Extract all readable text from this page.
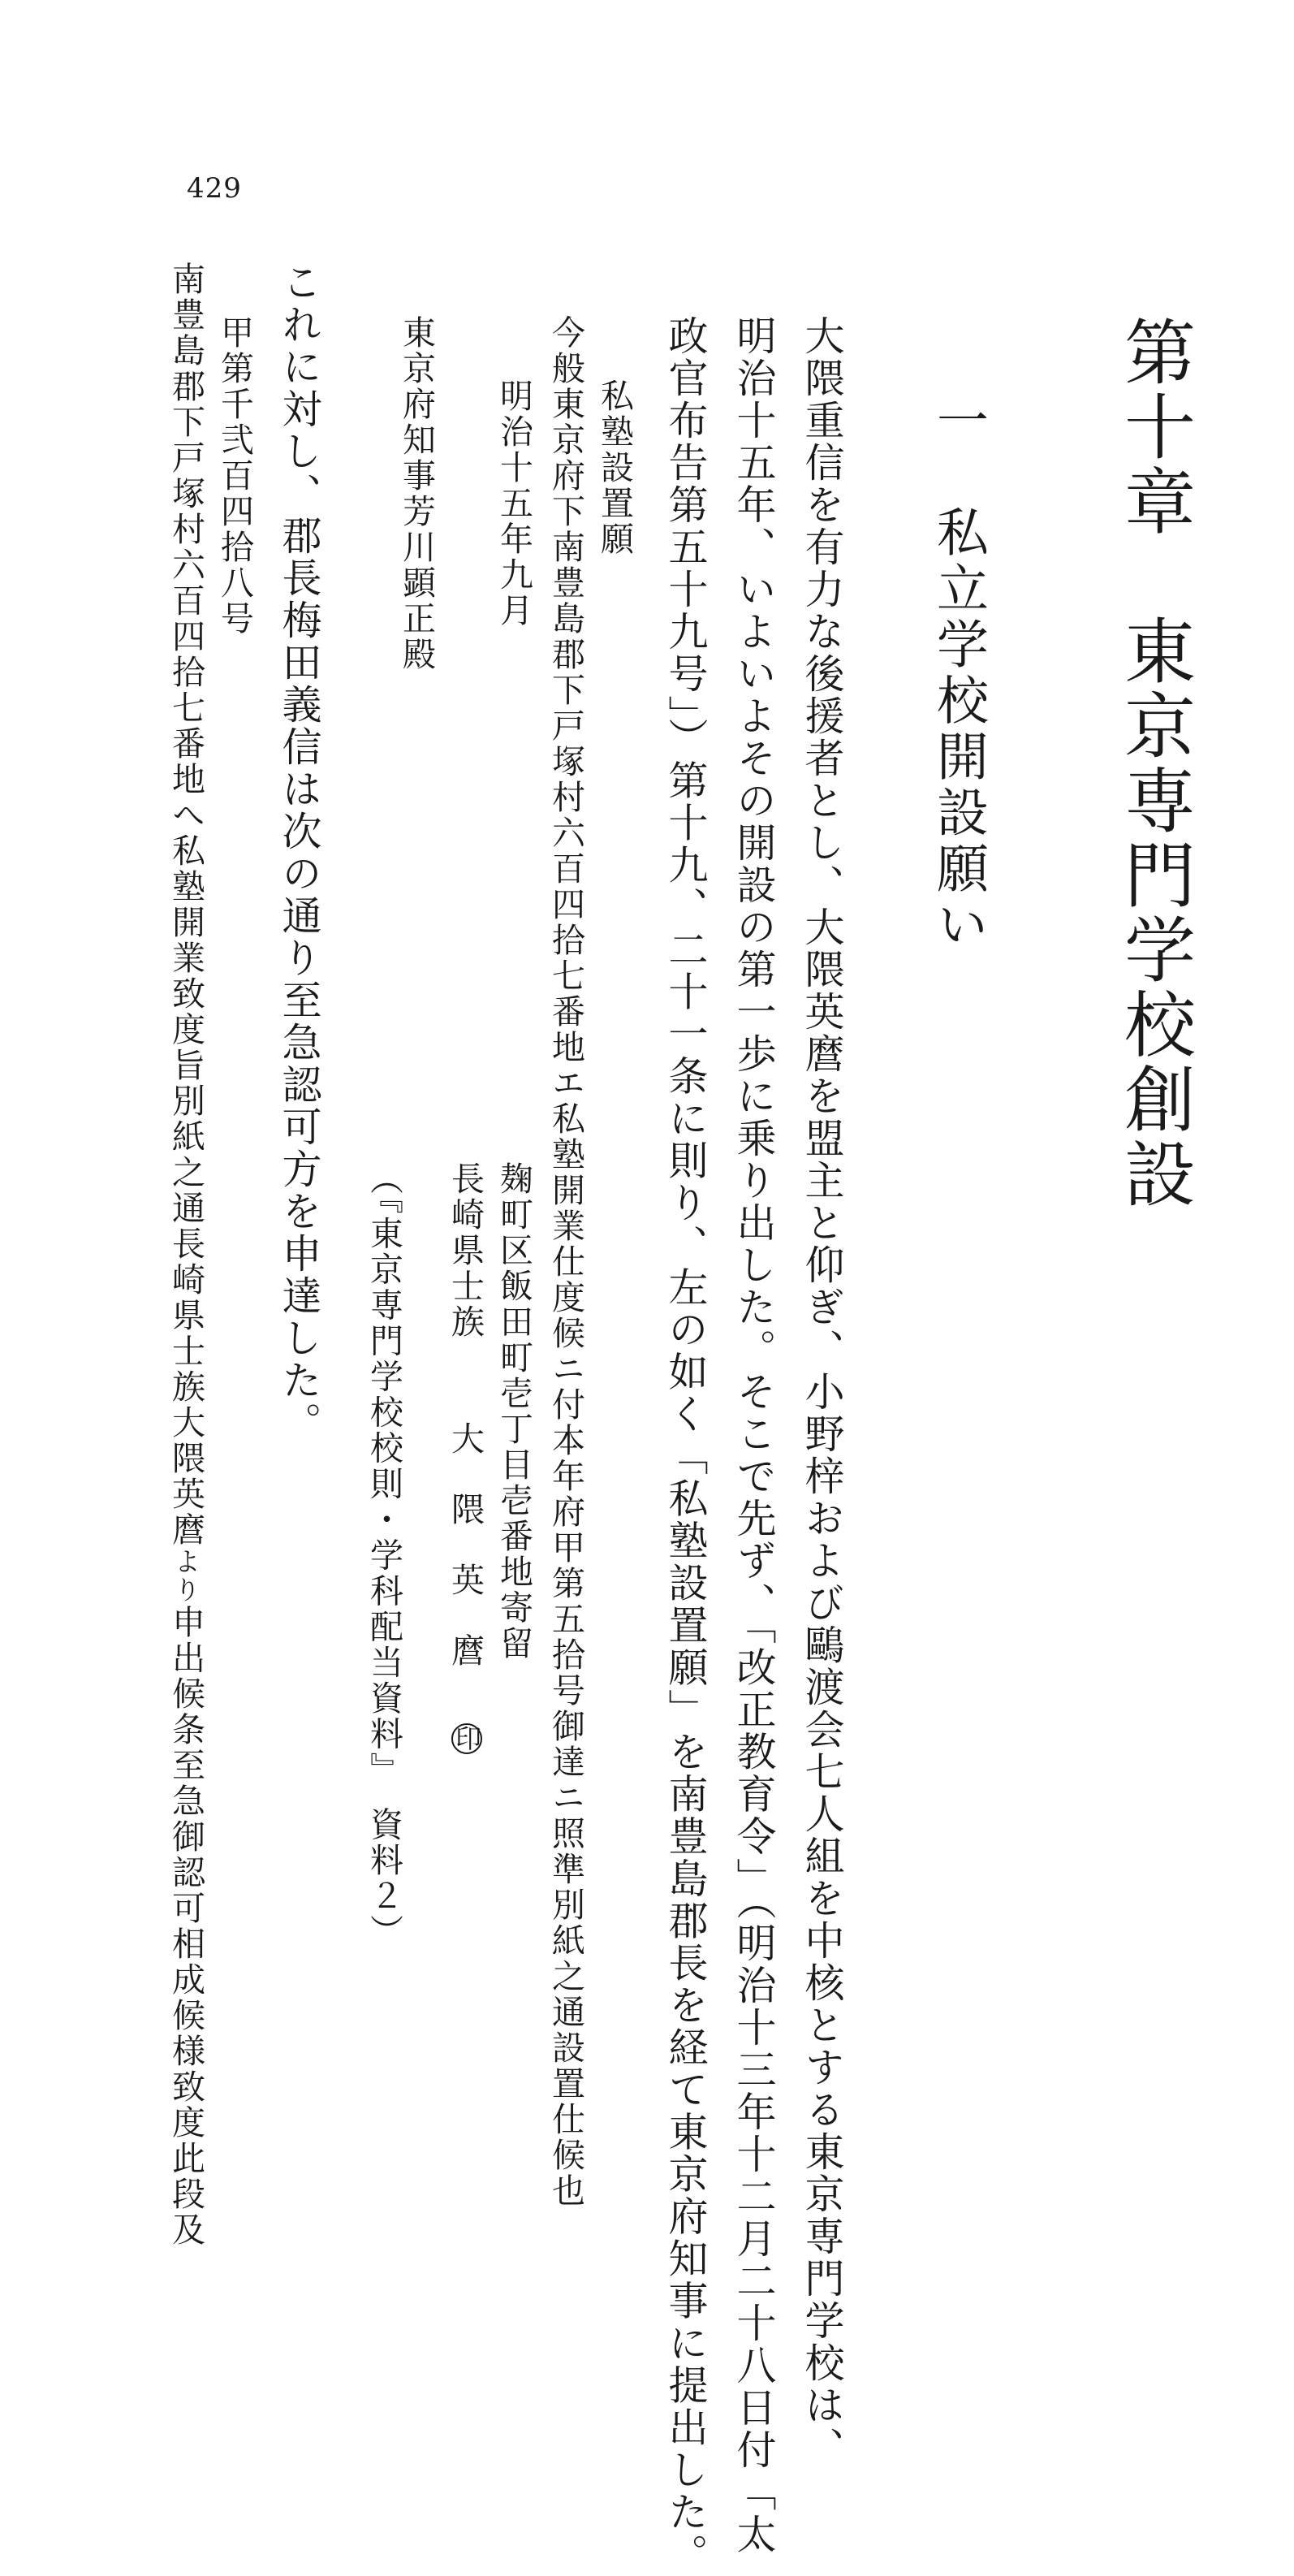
429
第十章　東京専門学校創設
一　私立学校開設願い
大隈重信を有力な後援者とし、大隈英麿を盟主と仰ぎ、小野梓および鷗渡会七人組を中核とする東京専門学校は、
明治十五年、いよいよその開設の第一歩に乗り出した。そこで先ず、「改正教育令」（明治十三年十二月二十八日付「太
政官布告第五十九号」）第十九、二十一条に則り、左の如く「私塾設置願」を南豊島郡長を経て東京府知事に提出した。
私塾設置願
今般東京府下南豊島郡下戸塚村六百四拾七番地エ私塾開業仕度候ニ付本年府甲第五拾号御達ニ照準別紙之通設置仕候也
明治十五年九月
麹町区飯田町壱丁目壱番地寄留
長崎県士族
大隈英麿
印
東京府知事芳川顕正殿
（『東京専門学校校則・学科配当資料』　資料２）
これに対し、郡長梅田義信は次の通り至急認可方を申達した。
甲第千弐百四拾八号
南豊島郡下戸塚村六百四拾七番地へ私塾開業致度旨別紙之通長崎県士族大隈英麿より申出候条至急御認可相成候様致度此段及
